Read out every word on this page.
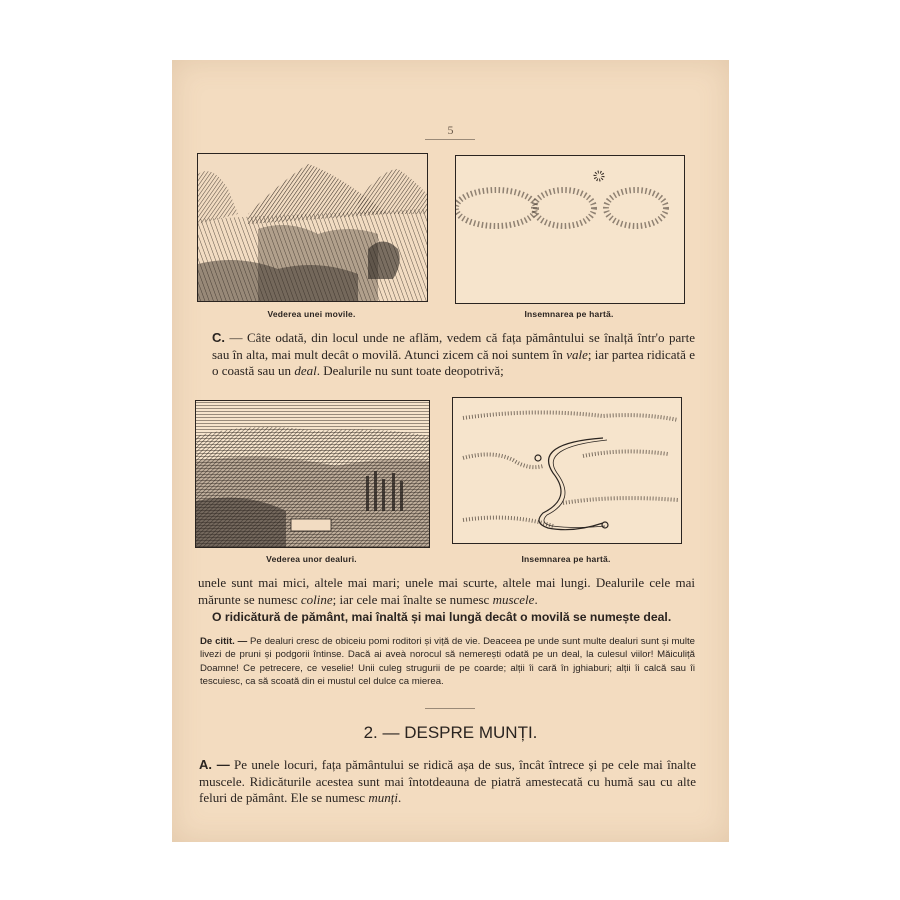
5
Vederea unei movile.	Insemnarea pe hartă.
C. — Câte odată, din locul unde ne aflăm, vedem că fața pământului se înalță într'o parte sau în alta, mai mult decât o movilă. Atunci zicem că noi suntem în vale; iar partea ridicată e o coastă sau un deal. Dealurile nu sunt toate deopotrivă;
Vederea unor dealuri.	Insemnarea pe hartă.
unele sunt mai mici, altele mai mari; unele mai scurte, altele mai lungi. Dealurile cele mai mărunte se numesc coline; iar cele mai înalte se numesc muscele.
O ridicătură de pământ, mai înaltă și mai lungă decât o movilă se numește deal.
De citit. — Pe dealuri cresc de obiceiu pomi roditori și viță de vie. Deaceea pe unde sunt multe dealuri sunt și multe livezi de pruni și podgorii întinse. Dacă ai aveà norocul să nemerești odată pe un deal, la culesul viilor! Măiculiță Doamne! Ce petrecere, ce veselie! Unii culeg strugurii de pe coarde; alții îi cară în jghiaburi; alții îi calcă sau îi tescuiesc, ca să scoată din ei mustul cel dulce ca mierea.
2. — DESPRE MUNȚI.
A. — Pe unele locuri, fața pământului se ridică așa de sus, încât întrece și pe cele mai înalte muscele. Ridicăturile acestea sunt mai întotdeauna de piatră amestecată cu humă sau cu alte feluri de pământ. Ele se numesc munți.
